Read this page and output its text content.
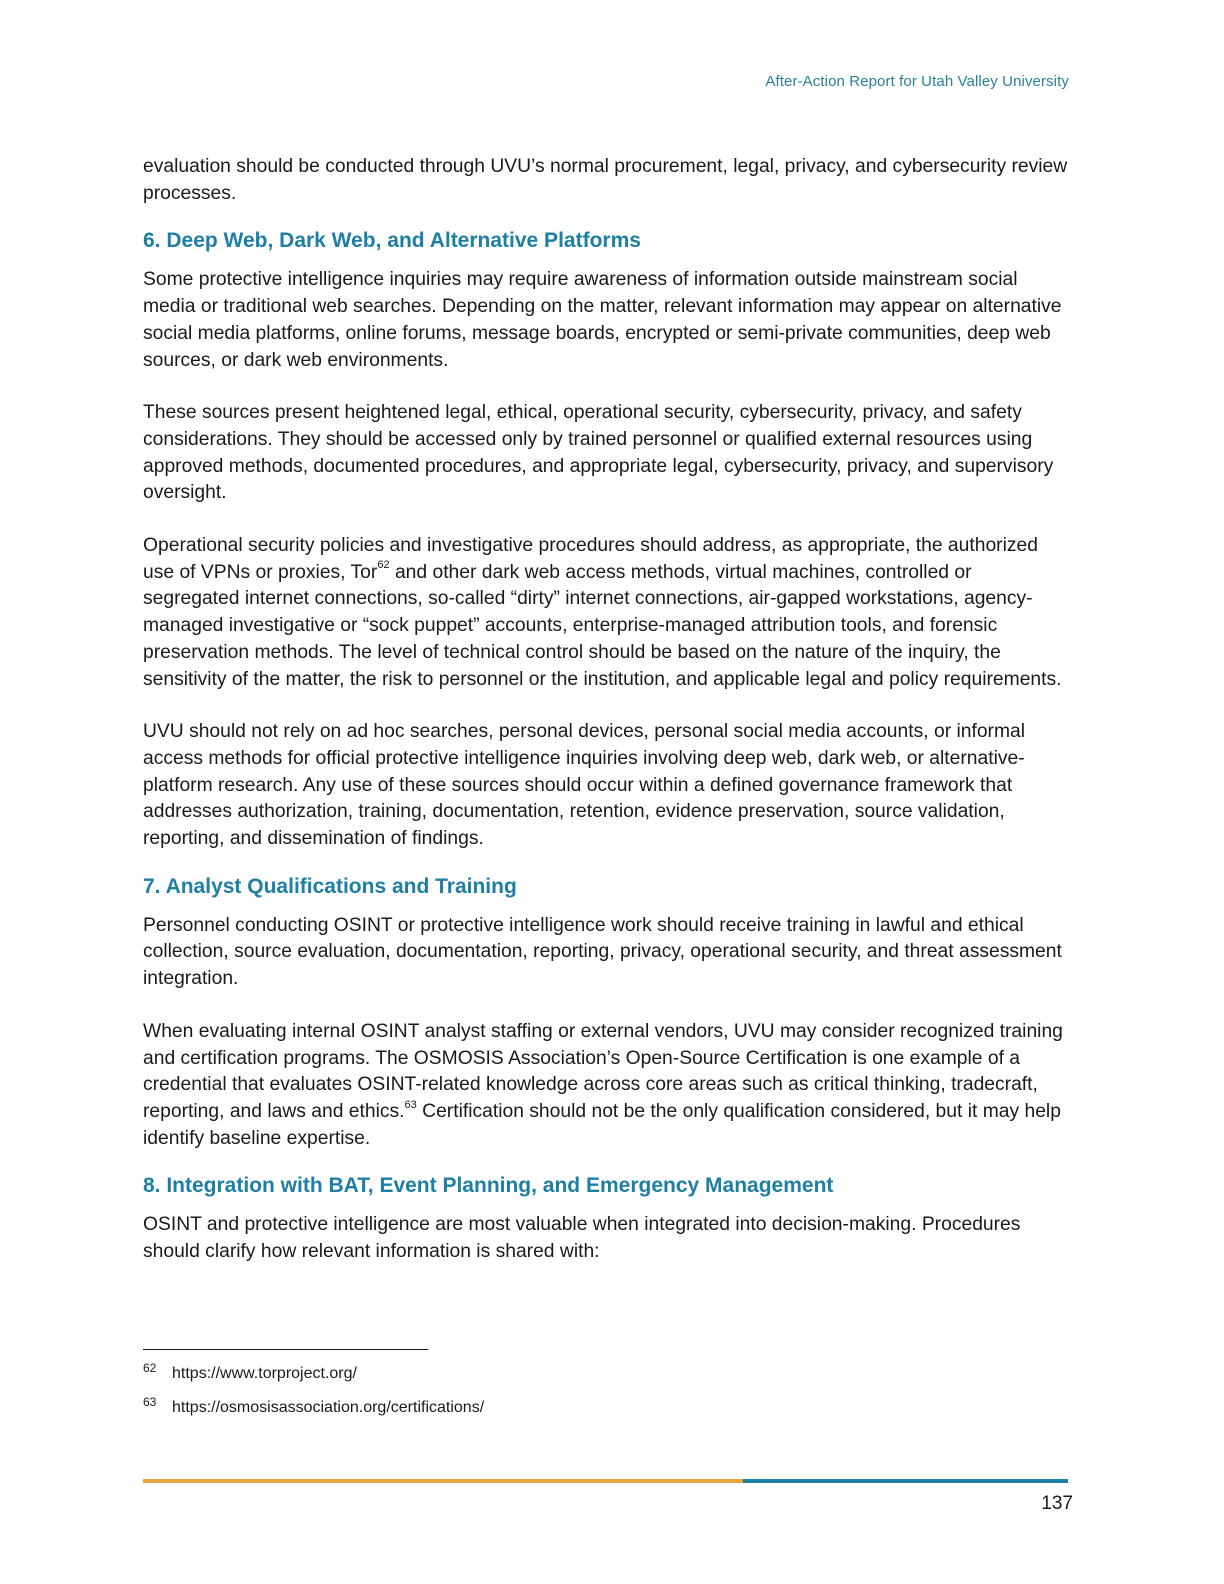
After-Action Report for Utah Valley University

evaluation should be conducted through UVU’s normal procurement, legal, privacy, and cybersecurity review processes.

6. Deep Web, Dark Web, and Alternative Platforms

Some protective intelligence inquiries may require awareness of information outside mainstream social media or traditional web searches. Depending on the matter, relevant information may appear on alternative social media platforms, online forums, message boards, encrypted or semi-private communities, deep web sources, or dark web environments.

These sources present heightened legal, ethical, operational security, cybersecurity, privacy, and safety considerations. They should be accessed only by trained personnel or qualified external resources using approved methods, documented procedures, and appropriate legal, cybersecurity, privacy, and supervisory oversight.

Operational security policies and investigative procedures should address, as appropriate, the authorized use of VPNs or proxies, Tor$^{62}$ and other dark web access methods, virtual machines, controlled or segregated internet connections, so-called “dirty” internet connections, air-gapped workstations, agency-managed investigative or “sock puppet” accounts, enterprise-managed attribution tools, and forensic preservation methods. The level of technical control should be based on the nature of the inquiry, the sensitivity of the matter, the risk to personnel or the institution, and applicable legal and policy requirements.

UVU should not rely on ad hoc searches, personal devices, personal social media accounts, or informal access methods for official protective intelligence inquiries involving deep web, dark web, or alternative-platform research. Any use of these sources should occur within a defined governance framework that addresses authorization, training, documentation, retention, evidence preservation, source validation, reporting, and dissemination of findings.

7. Analyst Qualifications and Training

Personnel conducting OSINT or protective intelligence work should receive training in lawful and ethical collection, source evaluation, documentation, reporting, privacy, operational security, and threat assessment integration.

When evaluating internal OSINT analyst staffing or external vendors, UVU may consider recognized training and certification programs. The OSMOSIS Association’s Open-Source Certification is one example of a credential that evaluates OSINT-related knowledge across core areas such as critical thinking, tradecraft, reporting, and laws and ethics.$^{63}$ Certification should not be the only qualification considered, but it may help identify baseline expertise.

8. Integration with BAT, Event Planning, and Emergency Management

OSINT and protective intelligence are most valuable when integrated into decision-making. Procedures should clarify how relevant information is shared with:

62 https://www.torproject.org/
63 https://osmosisassociation.org/certifications/
137
